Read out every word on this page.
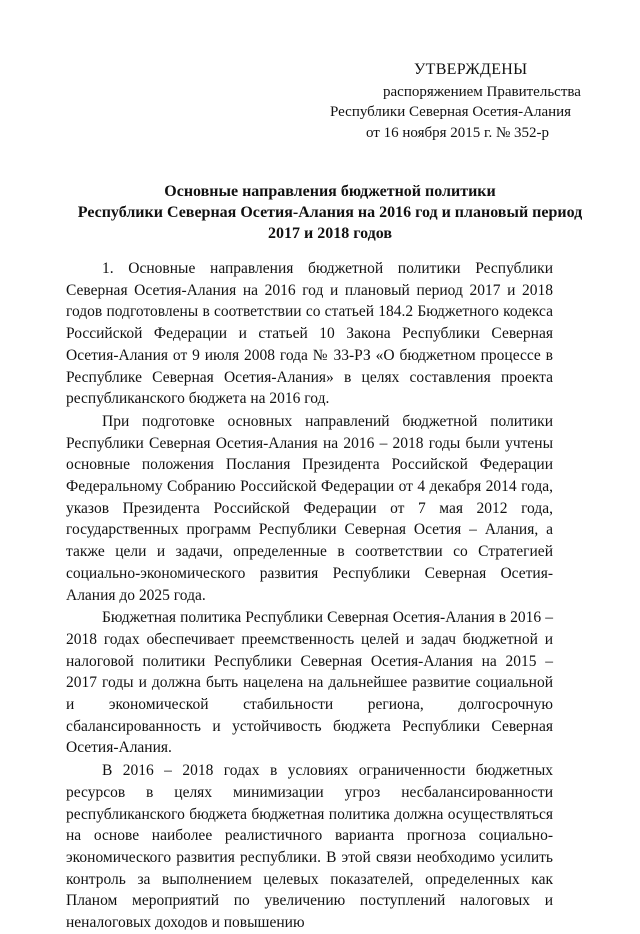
УТВЕРЖДЕНЫ
распоряжением Правительства
Республики Северная Осетия-Алания
от 16 ноября 2015 г. № 352-р
Основные направления бюджетной политики
Республики Северная Осетия-Алания на 2016 год и плановый период
2017 и 2018 годов

1. Основные направления бюджетной политики Республики Северная Осетия-Алания на 2016 год и плановый период 2017 и 2018 годов подготовлены в соответствии со статьей 184.2 Бюджетного кодекса Российской Федерации и статьей 10 Закона Республики Северная Осетия-Алания от 9 июля 2008 года № 33-РЗ «О бюджетном процессе в Республике Северная Осетия-Алания» в целях составления проекта республиканского бюджета на 2016 год.

При подготовке основных направлений бюджетной политики Республики Северная Осетия-Алания на 2016 – 2018 годы были учтены основные положения Послания Президента Российской Федерации Федеральному Собранию Российской Федерации от 4 декабря 2014 года, указов Президента Российской Федерации от 7 мая 2012 года, государственных программ Республики Северная Осетия – Алания, а также цели и задачи, определенные в соответствии со Стратегией социально-экономического развития Республики Северная Осетия-Алания до 2025 года.

Бюджетная политика Республики Северная Осетия-Алания в 2016 – 2018 годах обеспечивает преемственность целей и задач бюджетной и налоговой политики Республики Северная Осетия-Алания на 2015 – 2017 годы и должна быть нацелена на дальнейшее развитие социальной и экономической стабильности региона, долгосрочную сбалансированность и устойчивость бюджета Республики Северная Осетия-Алания.

В 2016 – 2018 годах в условиях ограниченности бюджетных ресурсов в целях минимизации угроз несбалансированности республиканского бюджета бюджетная политика должна осуществляться на основе наиболее реалистичного варианта прогноза социально-экономического развития республики. В этой связи необходимо усилить контроль за выполнением целевых показателей, определенных как Планом мероприятий по увеличению поступлений налоговых и неналоговых доходов и повышению
